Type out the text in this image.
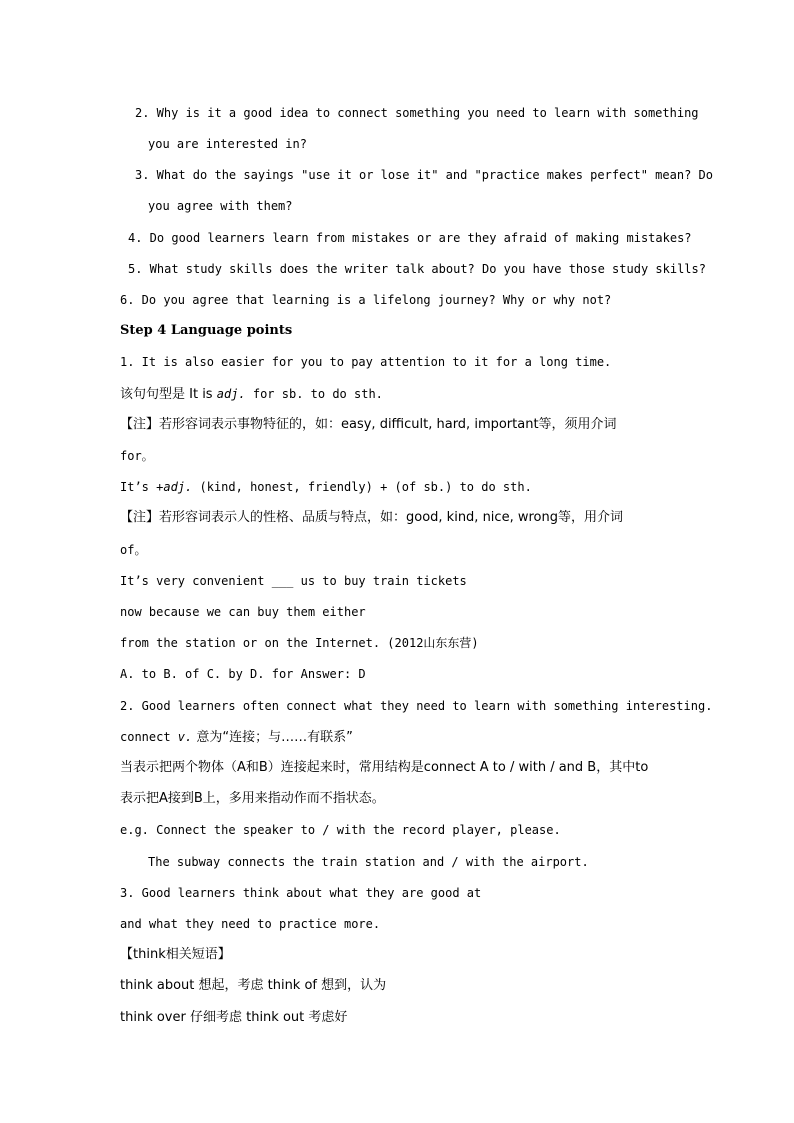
2. Why is it a good idea to connect something you need to learn with something
you are interested in?
3. What do the sayings "use it or lose it" and "practice makes perfect" mean? Do
you agree with them?
4. Do good learners learn from mistakes or are they afraid of making mistakes?
5. What study skills does the writer talk about? Do you have those study skills?
6. Do you agree that learning is a lifelong journey? Why or why not?
Step 4 Language points
1. It is also easier for you to pay attention to it for a long time.
该句句型是 It is adj. for sb. to do sth.
【注】若形容词表示事物特征的，如：easy, difficult, hard, important等，须用介词
for。
It’s +adj. (kind, honest, friendly) + (of sb.) to do sth.
【注】若形容词表示人的性格、品质与特点，如：good, kind, nice, wrong等，用介词
of。
It’s very convenient ___ us to buy train tickets
now because we can buy them either
from the station or on the Internet. (2012山东东营)
A. to B. of C. by D. for Answer: D
2. Good learners often connect what they need to learn with something interesting.
connect v. 意为“连接；与……有联系”
当表示把两个物体（A和B）连接起来时，常用结构是connect A to / with / and B，其中to
表示把A接到B上，多用来指动作而不指状态。
e.g. Connect the speaker to / with the record player, please.
The subway connects the train station and / with the airport.
3. Good learners think about what they are good at
and what they need to practice more.
【think相关短语】
think about 想起，考虑 think of 想到，认为
think over 仔细考虑 think out 考虑好
